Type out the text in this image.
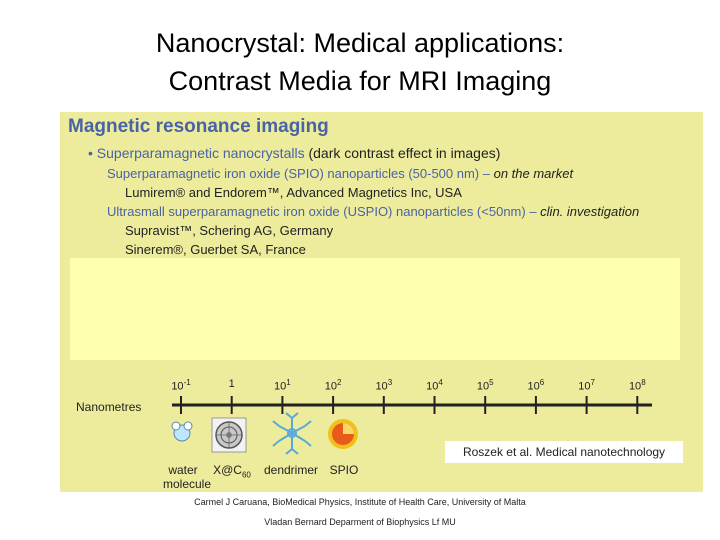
Nanocrystal: Medical applications:
Contrast Media for MRI Imaging
Magnetic resonance imaging
• Superparamagnetic nanocrystalls (dark contrast effect in images)
Superparamagnetic iron oxide (SPIO) nanoparticles (50-500 nm) – on the market
Lumirem® and Endorem™, Advanced Magnetics Inc, USA
Ultrasmall superparamagnetic iron oxide (USPIO) nanoparticles (<50nm) – clin. investigation
Supravist™, Schering AG, Germany
Sinerem®, Guerbet SA, France
Nanometres
$10^{-1}$	1	$10^1$	$10^2$	$10^3$	$10^4$	$10^5$	$10^6$	$10^7$	$10^8$
water
molecule
$X@C_{60}$	dendrimer SPIO
Roszek et al. Medical nanotechnology
Carmel J Caruana, BioMedical Physics, Institute of Health Care, University of Malta
Vladan Bernard Deparment of Biophysics Lf MU
